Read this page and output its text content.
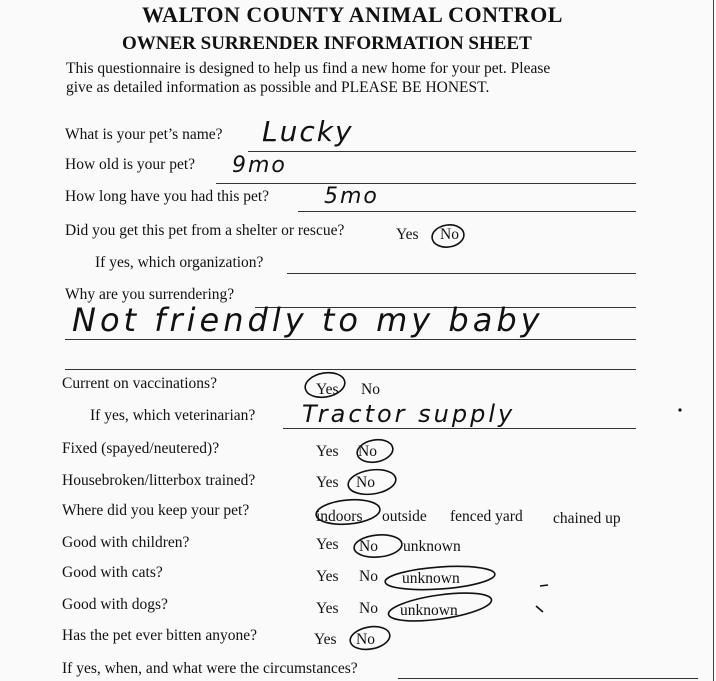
WALTON COUNTY ANIMAL CONTROL
OWNER SURRENDER INFORMATION SHEET
This questionnaire is designed to help us find a new home for your pet. Please
give as detailed information as possible and PLEASE BE HONEST.
What is your pet’s name? Lucky
How old is your pet? 9mo
How long have you had this pet? 5mo
Did you get this pet from a shelter or rescue?	Yes No
If yes, which organization?
Why are you surrendering?
Not friendly to my baby
Current on vaccinations?	Yes No
If yes, which veterinarian? Tractor supply
Fixed (spayed/neutered)?	Yes No
Housebroken/litterbox trained?	Yes No
Where did you keep your pet?	indoors outside fenced yard chained up
Good with children?	Yes No unknown
Good with cats?	Yes No unknown
Good with dogs?	Yes No unknown
Has the pet ever bitten anyone?	Yes No
If yes, when, and what were the circumstances?
